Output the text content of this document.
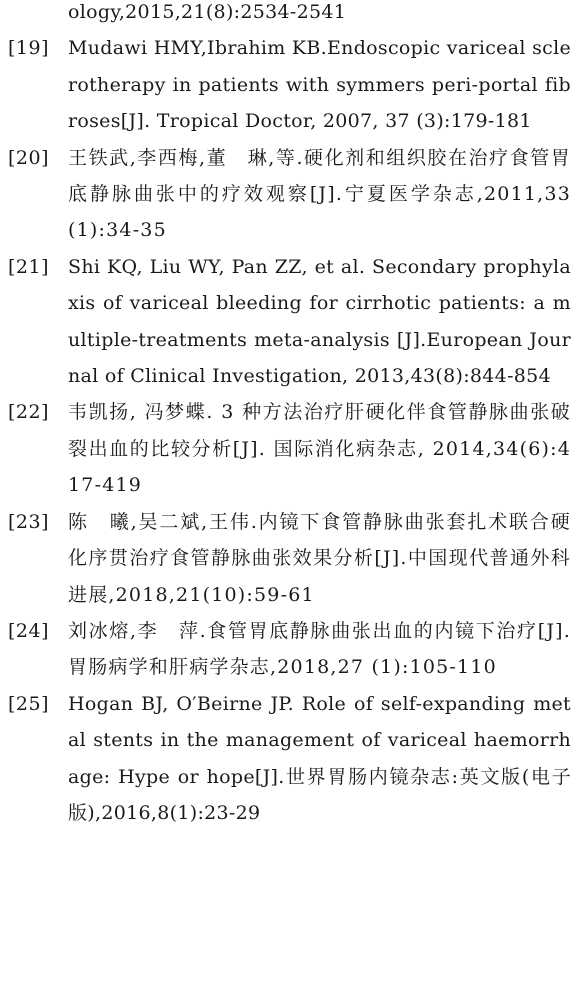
ology,2015,21(8):2534-2541
[19] Mudawi HMY,Ibrahim KB.Endoscopic variceal sclerotherapy in patients with symmers peri-portal fibroses[J]. Tropical Doctor, 2007, 37 (3):179-181
[20] 王铁武,李西梅,董　琳,等.硬化剂和组织胶在治疗食管胃底静脉曲张中的疗效观察[J].宁夏医学杂志,2011,33(1):34-35
[21] Shi KQ, Liu WY, Pan ZZ, et al. Secondary prophylaxis of variceal bleeding for cirrhotic patients: a multiple-treatments meta-analysis [J].European Journal of Clinical Investigation, 2013,43(8):844-854
[22] 韦凯扬, 冯梦蝶. 3 种方法治疗肝硬化伴食管静脉曲张破裂出血的比较分析[J]. 国际消化病杂志, 2014,34(6):417-419
[23] 陈　曦,吴二斌,王伟.内镜下食管静脉曲张套扎术联合硬化序贯治疗食管静脉曲张效果分析[J].中国现代普通外科进展,2018,21(10):59-61
[24] 刘冰熔,李　萍.食管胃底静脉曲张出血的内镜下治疗[J].胃肠病学和肝病学杂志,2018,27 (1):105-110
[25] Hogan BJ, O′Beirne JP. Role of self-expanding metal stents in the management of variceal haemorrhage: Hype or hope[J].世界胃肠内镜杂志:英文版(电子版),2016,8(1):23-29
